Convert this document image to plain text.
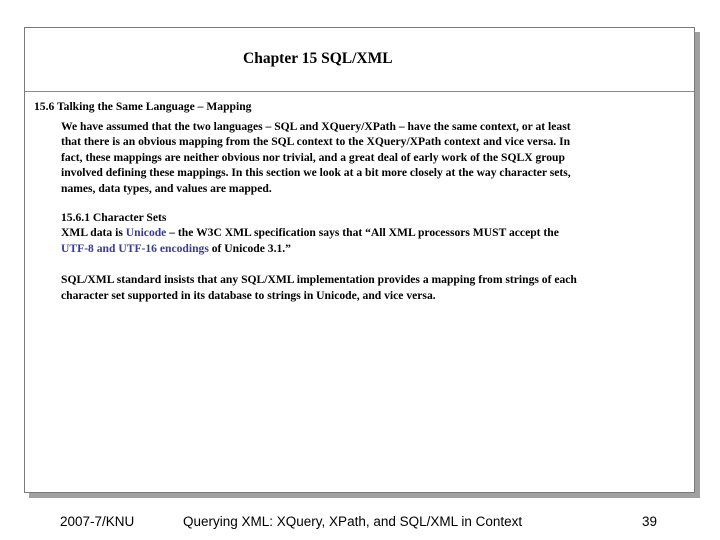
Chapter 15 SQL/XML
15.6 Talking the Same Language – Mapping
We have assumed that the two languages – SQL and XQuery/XPath – have the same context, or at least
that there is an obvious mapping from the SQL context to the XQuery/XPath context and vice versa. In
fact, these mappings are neither obvious nor trivial, and a great deal of early work of the SQLX group
involved defining these mappings. In this section we look at a bit more closely at the way character sets,
names, data types, and values are mapped.
15.6.1 Character Sets
XML data is Unicode – the W3C XML specification says that “All XML processors MUST accept the
UTF-8 and UTF-16 encodings of Unicode 3.1.”
SQL/XML standard insists that any SQL/XML implementation provides a mapping from strings of each
character set supported in its database to strings in Unicode, and vice versa.
2007-7/KNU	Querying XML: XQuery, XPath, and SQL/XML in Context	39
